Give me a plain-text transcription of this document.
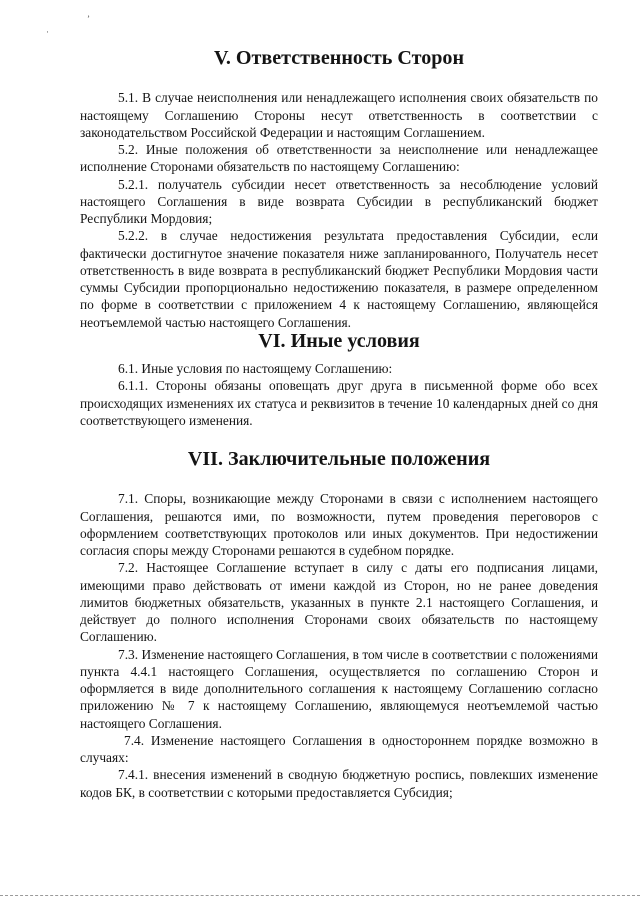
’
·
V. Ответственность Сторон

5.1. В случае неисполнения или ненадлежащего исполнения своих обязательств по настоящему Соглашению Стороны несут ответственность в соответствии с законодательством Российской Федерации и настоящим Соглашением.

5.2. Иные положения об ответственности за неисполнение или ненадлежащее исполнение Сторонами обязательств по настоящему Соглашению:

5.2.1. получатель субсидии несет ответственность за несоблюдение условий настоящего Соглашения в виде возврата Субсидии в республиканский бюджет Республики Мордовия;

5.2.2. в случае недостижения результата предоставления Субсидии, если фактически достигнутое значение показателя ниже запланированного, Получатель несет ответственность в виде возврата в республиканский бюджет Республики Мордовия части суммы Субсидии пропорционально недостижению показателя, в размере определенном по форме в соответствии с приложением 4 к настоящему Соглашению, являющейся неотъемлемой частью настоящего Соглашения.

VI. Иные условия

6.1. Иные условия по настоящему Соглашению:

6.1.1. Стороны обязаны оповещать друг друга в письменной форме обо всех происходящих изменениях их статуса и реквизитов в течение 10 календарных дней со дня соответствующего изменения.

VII. Заключительные положения

7.1. Споры, возникающие между Сторонами в связи с исполнением настоящего Соглашения, решаются ими, по возможности, путем проведения переговоров с оформлением соответствующих протоколов или иных документов. При недостижении согласия споры между Сторонами решаются в судебном порядке.

7.2. Настоящее Соглашение вступает в силу с даты его подписания лицами, имеющими право действовать от имени каждой из Сторон, но не ранее доведения лимитов бюджетных обязательств, указанных в пункте 2.1 настоящего Соглашения, и действует до полного исполнения Сторонами своих обязательств по настоящему Соглашению.

7.3. Изменение настоящего Соглашения, в том числе в соответствии с положениями пункта 4.4.1 настоящего Соглашения, осуществляется по соглашению Сторон и оформляется в виде дополнительного соглашения к настоящему Соглашению согласно приложению № 7 к настоящему Соглашению, являющемуся неотъемлемой частью настоящего Соглашения.

7.4. Изменение настоящего Соглашения в одностороннем порядке возможно в случаях:

7.4.1. внесения изменений в сводную бюджетную роспись, повлекших изменение кодов БК, в соответствии с которыми предоставляется Субсидия;
